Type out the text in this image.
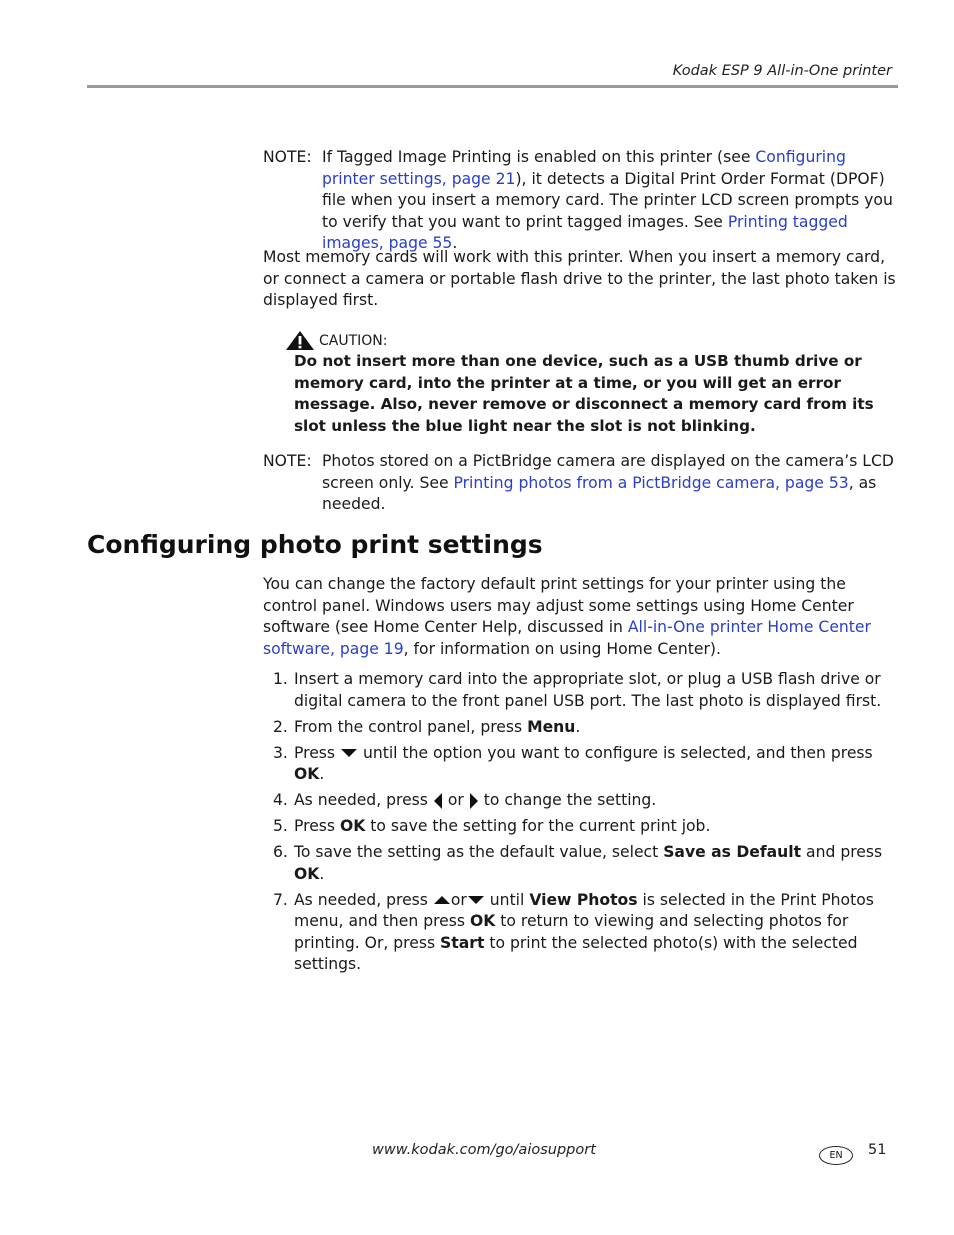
Kodak ESP 9 All-in-One printer
NOTE: If Tagged Image Printing is enabled on this printer (see Configuring printer settings, page 21), it detects a Digital Print Order Format (DPOF) file when you insert a memory card. The printer LCD screen prompts you to verify that you want to print tagged images. See Printing tagged images, page 55.

Most memory cards will work with this printer. When you insert a memory card, or connect a camera or portable flash drive to the printer, the last photo taken is displayed first.

CAUTION:
Do not insert more than one device, such as a USB thumb drive or memory card, into the printer at a time, or you will get an error message. Also, never remove or disconnect a memory card from its slot unless the blue light near the slot is not blinking.
NOTE: Photos stored on a PictBridge camera are displayed on the camera’s LCD screen only. See Printing photos from a PictBridge camera, page 53, as needed.
Configuring photo print settings

You can change the factory default print settings for your printer using the control panel. Windows users may adjust some settings using Home Center software (see Home Center Help, discussed in All-in-One printer Home Center software, page 19, for information on using Home Center).

1. Insert a memory card into the appropriate slot, or plug a USB flash drive or digital camera to the front panel USB port. The last photo is displayed first.
2. From the control panel, press Menu.
3. Press  until the option you want to configure is selected, and then press OK.
4. As needed, press  or  to change the setting.
5. Press OK to save the setting for the current print job.
6. To save the setting as the default value, select Save as Default and press OK.
7. As needed, press or until View Photos is selected in the Print Photos menu, and then press OK to return to viewing and selecting photos for printing. Or, press Start to print the selected photo(s) with the selected settings.
www.kodak.com/go/aiosupport	EN	51
